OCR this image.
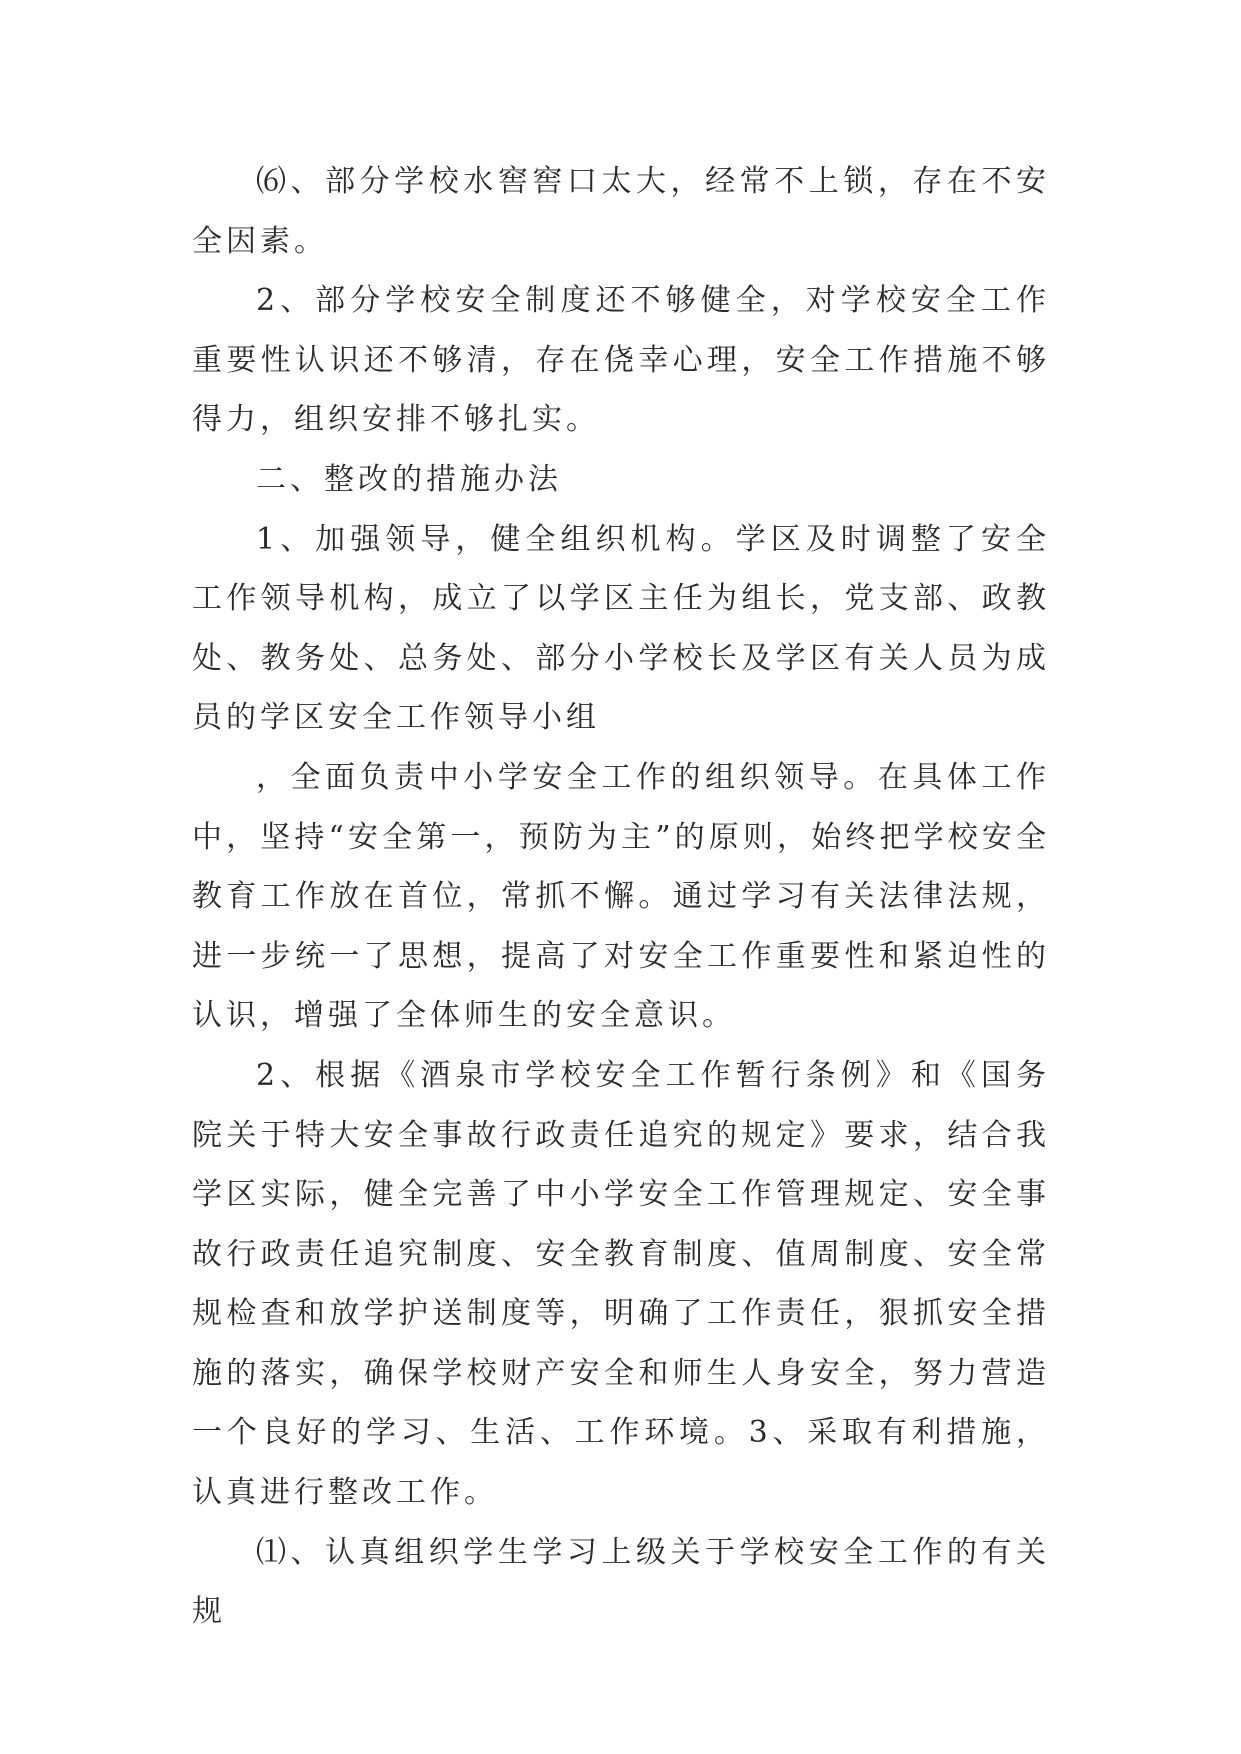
⑹、部分学校水窖窖口太大，经常不上锁，存在不安全因素。

2、部分学校安全制度还不够健全，对学校安全工作重要性认识还不够清，存在侥幸心理，安全工作措施不够得力，组织安排不够扎实。

二、整改的措施办法

1、加强领导，健全组织机构。学区及时调整了安全工作领导机构，成立了以学区主任为组长，党支部、政教处、教务处、总务处、部分小学校长及学区有关人员为成员的学区安全工作领导小组

，全面负责中小学安全工作的组织领导。在具体工作中，坚持“安全第一，预防为主”的原则，始终把学校安全教育工作放在首位，常抓不懈。通过学习有关法律法规，进一步统一了思想，提高了对安全工作重要性和紧迫性的认识，增强了全体师生的安全意识。

2、根据《酒泉市学校安全工作暂行条例》和《国务院关于特大安全事故行政责任追究的规定》要求，结合我学区实际，健全完善了中小学安全工作管理规定、安全事故行政责任追究制度、安全教育制度、值周制度、安全常规检查和放学护送制度等，明确了工作责任，狠抓安全措施的落实，确保学校财产安全和师生人身安全，努力营造一个良好的学习、生活、工作环境。3、采取有利措施，认真进行整改工作。

⑴、认真组织学生学习上级关于学校安全工作的有关规
